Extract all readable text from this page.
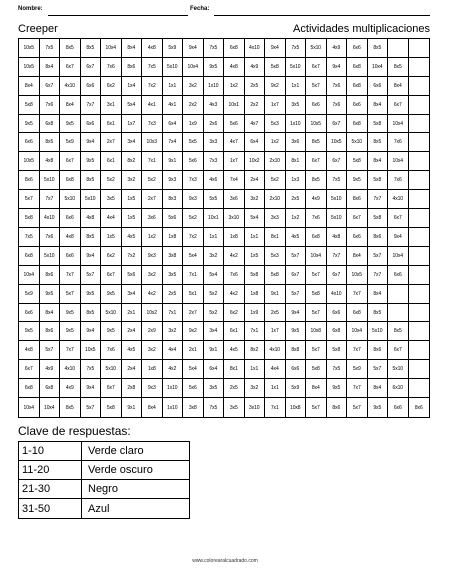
Nombre:	Fecha:
Creeper	Actividades multiplicaciones
10x5	7x5	8x5	8x5	10x4	8x4	4x8	5x9	9x4	7x5	6x8	4x10	9x4	7x5	5x10	4x9	6x6	8x5
10x5	8x4	6x7	6x7	7x6	8x6	7x5	5x10	10x4	9x5	4x8	4x9	5x8	5x10	6x7	9x4	6x8	10x4	8x5
8x4	6x7	4x10	6x6	6x2	1x4	7x2	1x1	3x2	1x10	1x2	2x5	9x2	1x1	5x7	7x6	6x8	6x6	8x4
5x8	7x6	8x4	7x7	3x1	5x4	4x1	4x1	2x2	4x3	10x1	2x2	1x7	3x5	6x6	7x6	6x6	8x4	6x7
9x5	6x8	9x5	6x6	6x1	1x7	7x3	6x4	1x9	2x6	5x6	4x7	5x3	1x10	10x5	6x7	6x8	5x8	10x4
6x6	8x5	5x9	9x4	2x7	3x4	10x3	7x4	5x5	3x3	4x7	6x4	1x2	3x6	8x5	10x5	5x10	8x5	7x6
10x5	4x8	6x7	9x5	6x1	8x2	7x1	9x1	5x6	7x3	1x7	10x2	2x10	8x1	6x7	6x7	5x8	8x4	10x4
8x6	5x10	6x8	8x5	5x2	3x2	5x2	9x3	7x3	4x6	7x4	2x4	5x2	1x3	8x5	7x5	9x5	5x8	7x6
5x7	7x7	5x10	5x10	3x5	1x5	2x7	8x3	9x3	5x5	3x6	3x2	2x10	2x5	4x9	5x10	8x6	7x7	4x10
5x8	4x10	6x6	4x8	4x4	1x5	3x6	5x6	5x2	10x1	3x10	5x4	3x3	1x2	7x6	5x10	6x7	5x8	6x7
7x5	7x6	4x8	8x5	1x5	4x5	1x2	1x8	7x2	1x1	1x8	1x1	8x1	4x5	6x8	4x8	6x6	8x6	9x4
6x8	5x10	6x6	9x4	6x2	7x2	9x3	3x8	5x4	3x2	4x2	1x5	5x3	5x7	10x4	7x7	8x4	5x7	10x4
10x4	8x6	7x7	5x7	6x7	5x6	3x2	3x5	7x1	5x4	7x6	5x8	5x8	6x7	5x7	6x7	10x5	7x7	6x6
5x9	9x5	5x7	9x5	9x5	3x4	4x2	2x5	5x1	5x2	4x2	1x8	9x1	5x7	5x8	4x10	7x7	8x4
6x6	8x4	9x5	8x5	5x10	2x1	10x2	7x1	2x7	5x2	6x2	1x9	2x5	9x4	5x7	6x6	6x8	8x5
9x5	8x6	9x5	9x4	9x5	2x4	2x9	3x2	9x2	3x4	6x1	7x1	1x7	9x5	10x8	6x8	10x4	5x10	8x5
4x8	5x7	7x7	10x5	7x6	4x5	3x2	4x4	2x1	9x1	4x5	8x2	4x10	8x8	5x7	5x8	7x7	8x6	6x7
6x7	4x9	4x10	7x5	5x10	2x4	1x8	4x2	5x4	6x4	8x1	1x1	4x4	6x6	5x8	7x5	5x9	5x7	5x10
6x8	6x8	4x9	9x4	6x7	2x8	9x3	1x10	5x6	3x5	2x5	3x2	1x1	5x9	8x4	9x5	7x7	8x4	6x10
10x4	10x4	8x5	5x7	5x8	9x1	8x4	1x10	3x8	7x5	3x5	3x10	7x1	10x8	5x7	8x6	5x7	9x5	6x6	8x6
Clave de respuestas:
1-10	Verde claro
11-20	Verde oscuro
21-30	Negro
31-50	Azul
www.colorearalcuadrado.com
